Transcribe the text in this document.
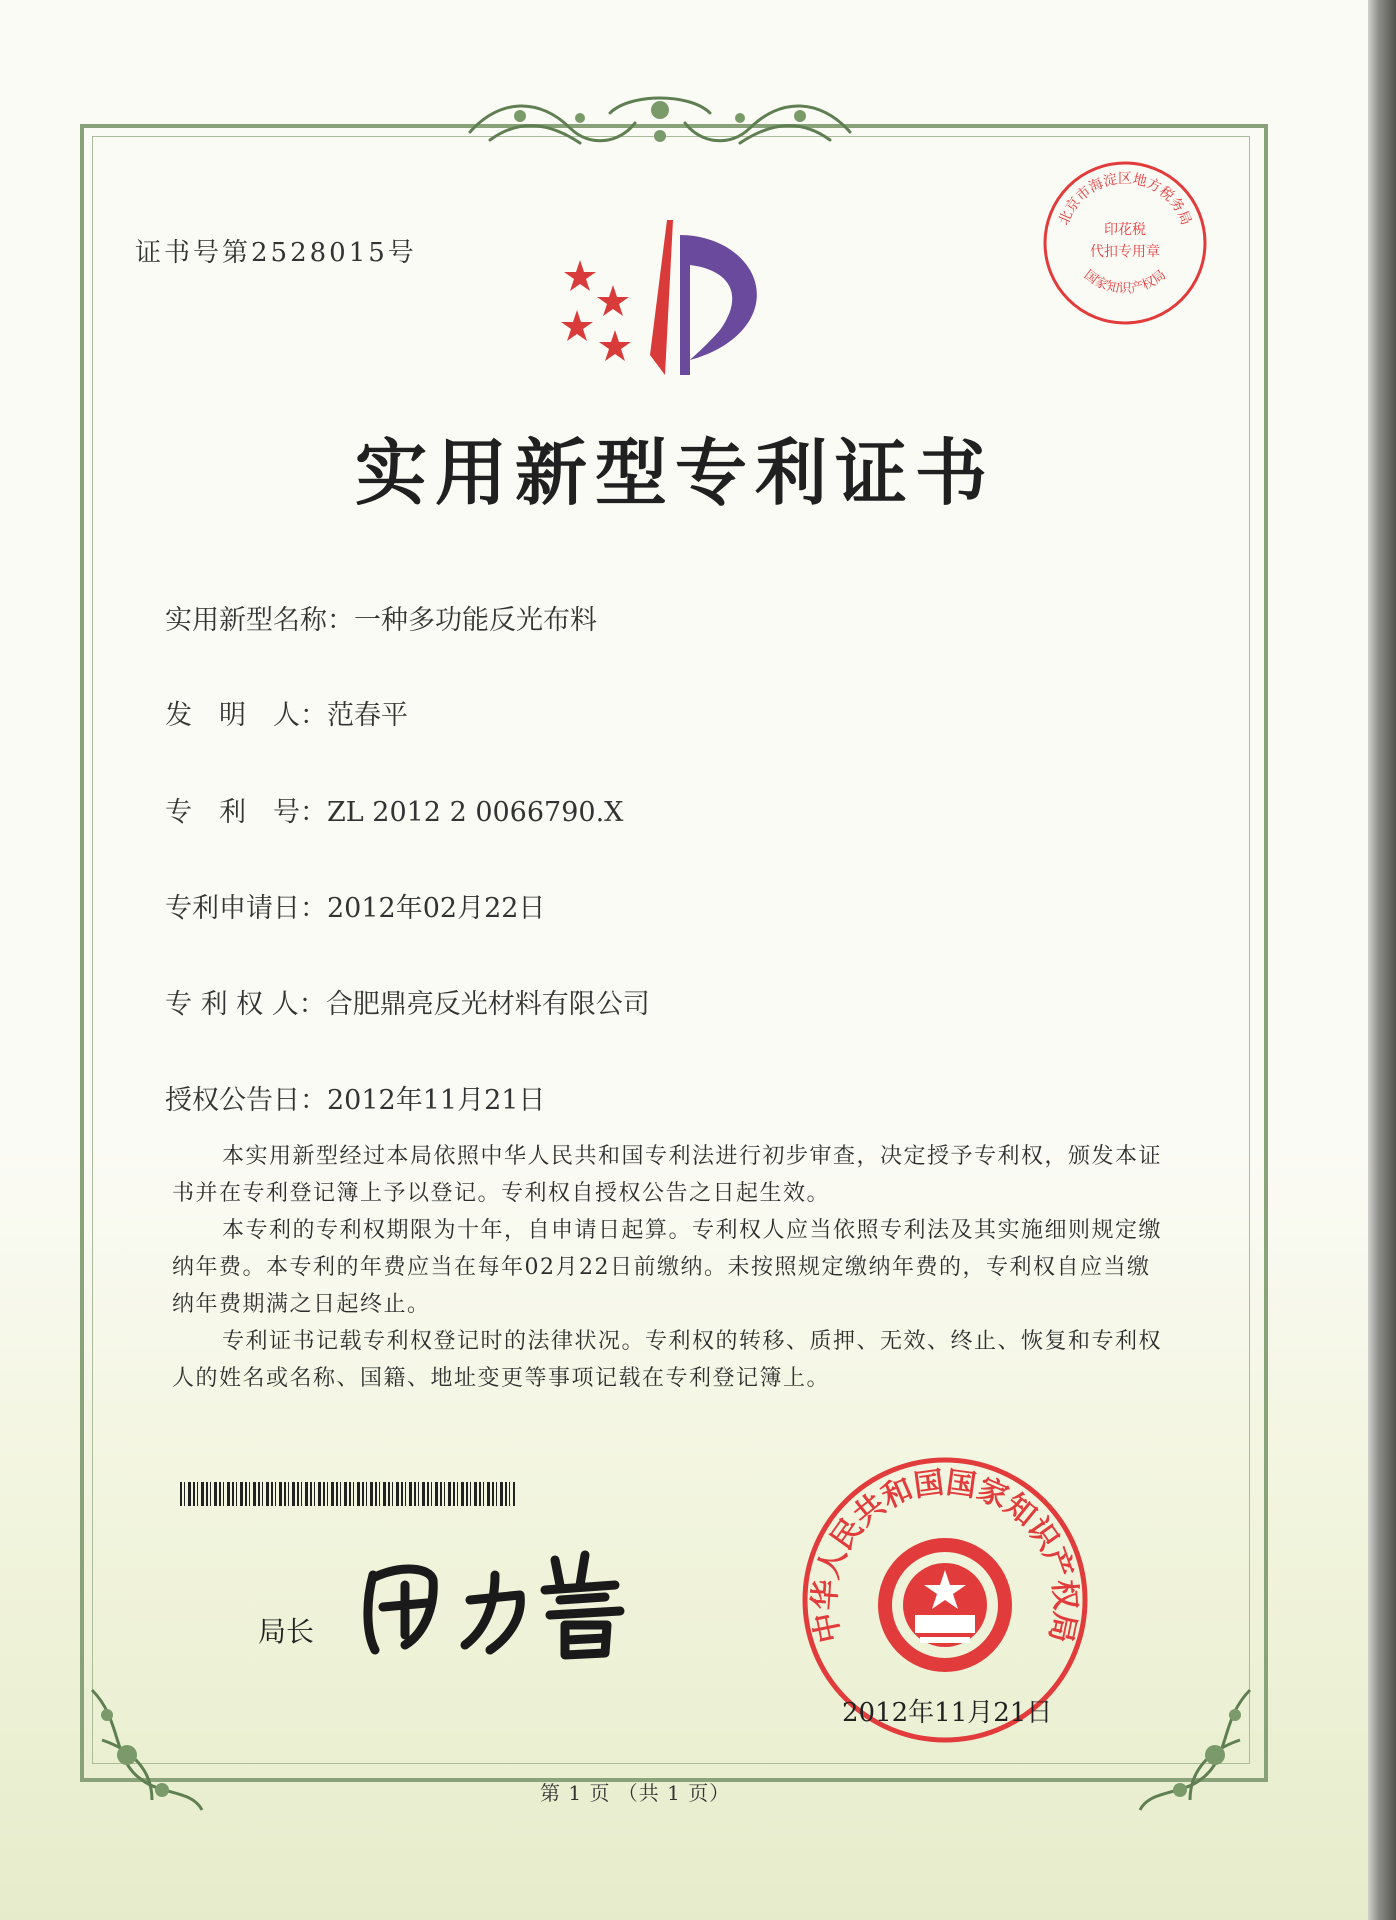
证书号第2528015号
北京市海淀区地方税务局
国家知识产权局
印花税
代扣专用章
实用新型专利证书
实用新型名称：一种多功能反光布料
发　明　人：范春平
专　利　号：ZL 2012 2 0066790.X
专利申请日：2012年02月22日
专 利 权 人：合肥鼎亮反光材料有限公司
授权公告日：2012年11月21日

本实用新型经过本局依照中华人民共和国专利法进行初步审查，决定授予专利权，颁发本证书并在专利登记簿上予以登记。专利权自授权公告之日起生效。

本专利的专利权期限为十年，自申请日起算。专利权人应当依照专利法及其实施细则规定缴纳年费。本专利的年费应当在每年02月22日前缴纳。未按照规定缴纳年费的，专利权自应当缴纳年费期满之日起终止。

专利证书记载专利权登记时的法律状况。专利权的转移、质押、无效、终止、恢复和专利权人的姓名或名称、国籍、地址变更等事项记载在专利登记簿上。

局长	中华人民共和国国家知识产权局
2012年11月21日
第 1 页 （共 1 页）
